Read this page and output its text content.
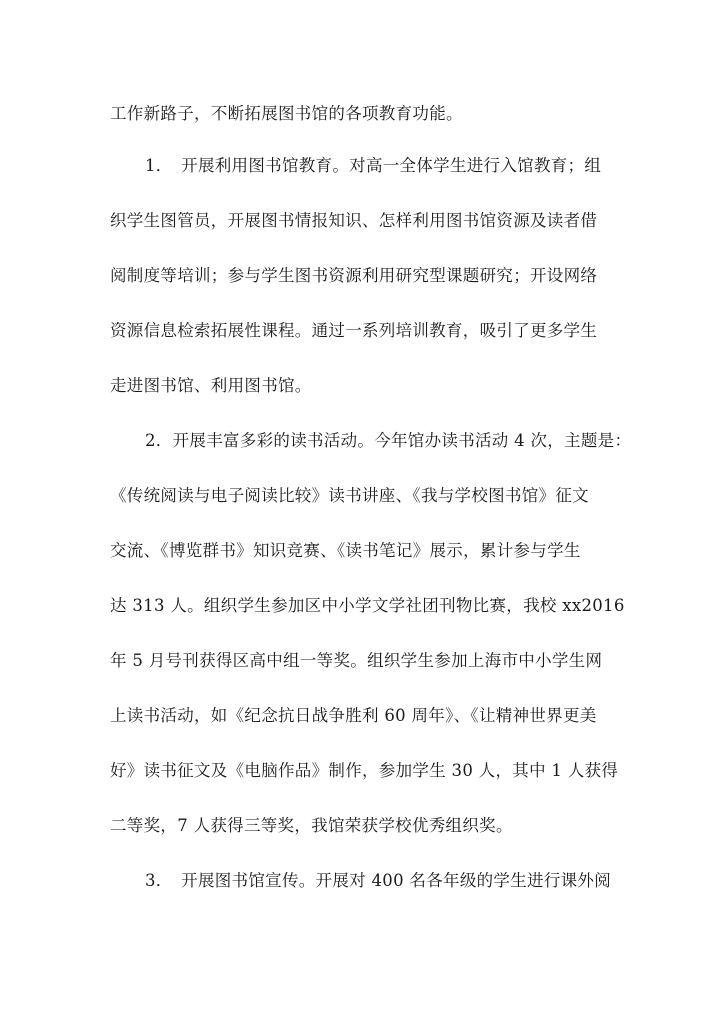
工作新路子，不断拓展图书馆的各项教育功能。
1．　开展利用图书馆教育。对高一全体学生进行入馆教育；组
织学生图管员，开展图书情报知识、怎样利用图书馆资源及读者借
阅制度等培训；参与学生图书资源利用研究型课题研究；开设网络
资源信息检索拓展性课程。通过一系列培训教育，吸引了更多学生
走进图书馆、利用图书馆。
2．开展丰富多彩的读书活动。今年馆办读书活动 4 次，主题是：
《传统阅读与电子阅读比较》读书讲座、《我与学校图书馆》征文
交流、《博览群书》知识竞赛、《读书笔记》展示，累计参与学生
达 313 人。组织学生参加区中小学文学社团刊物比赛，我校 xx2016
年 5 月号刊获得区高中组一等奖。组织学生参加上海市中小学生网
上读书活动，如《纪念抗日战争胜利 60 周年》、《让精神世界更美
好》读书征文及《电脑作品》制作，参加学生 30 人，其中 1 人获得
二等奖，7 人获得三等奖，我馆荣获学校优秀组织奖。
3．　开展图书馆宣传。开展对 400 名各年级的学生进行课外阅
